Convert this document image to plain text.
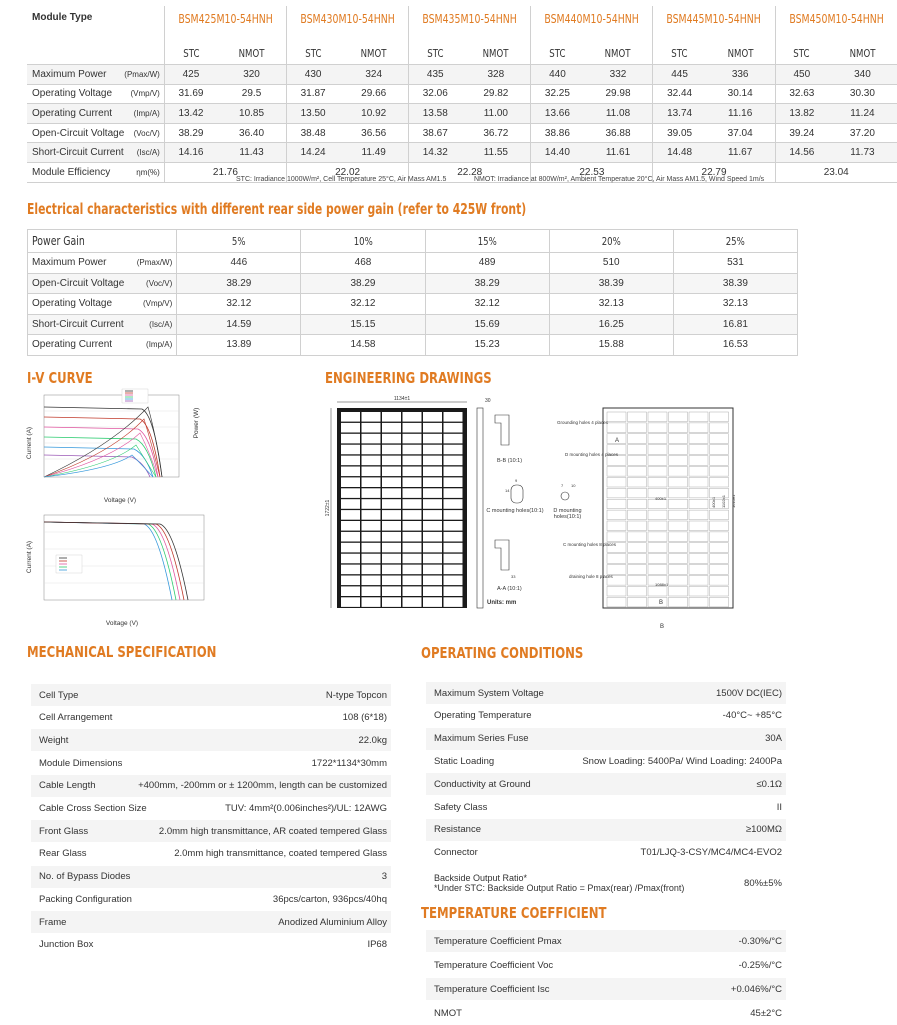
Module Type		BSM425M10-54HNH		BSM430M10-54HNH		BSM435M10-54HNH		BSM440M10-54HNH		BSM445M10-54HNH		BSM450M10-54HNH	
		STC	NMOT	STC	NMOT	STC	NMOT	STC	NMOT	STC	NMOT	STC	NMOT
Maximum Power	(Pmax/W)	425	320	430	324	435	328	440	332	445	336	450	340
Operating Voltage	(Vmp/V)	31.69	29.5	31.87	29.66	32.06	29.82	32.25	29.98	32.44	30.14	32.63	30.30
Operating Current	(Imp/A)	13.42	10.85	13.50	10.92	13.58	11.00	13.66	11.08	13.74	11.16	13.82	11.24
Open-Circuit Voltage	(Voc/V)	38.29	36.40	38.48	36.56	38.67	36.72	38.86	36.88	39.05	37.04	39.24	37.20
Short-Circuit Current	(Isc/A)	14.16	11.43	14.24	11.49	14.32	11.55	14.40	11.61	14.48	11.67	14.56	11.73
Module Efficiency	ηm(%)	21.76		22.02		22.28		22.53		22.79		23.04	
STC: Irradiance 1000W/m², Cell Temperature 25°C, Air Mass AM1.5	NMOT: Irradiance at 800W/m², Ambient Temperatue 20°C, Air Mass AM1.5, Wind Speed 1m/s
Electrical characteristics with different rear side power gain (refer to 425W front)
Power Gain		5%	10%	15%	20%	25%
Maximum Power	(Pmax/W)	446	468	489	510	531
Open-Circuit Voltage	(Voc/V)	38.29	38.29	38.29	38.39	38.39
Operating Voltage	(Vmp/V)	32.12	32.12	32.12	32.13	32.13
Short-Circuit Current	(Isc/A)	14.59	15.15	15.69	16.25	16.81
Operating Current	(Imp/A)	13.89	14.58	15.23	15.88	16.53
I-V CURVE
Current (A)
Power (W)
Voltage (V)
Current (A)
Voltage (V)
ENGINEERING DRAWINGS
1134±1
1722±1
30
B-B (10:1)
14
9
C mounting holes(10:1)
7 10
D mounting holes(10:1)
33
A-A (10:1)
Units: mm
1610±1
1102±1
400±1
400±1
1088±1
Grounding holes 4 places
D mounting holes 4 places
C mounting holes 8 places
draining hole 8 places
A
B
B
MECHANICAL SPECIFICATION
Cell Type	N-type Topcon
Cell Arrangement	108 (6*18)
Weight	22.0kg
Module Dimensions	1722*1134*30mm
Cable Length	+400mm, -200mm or ± 1200mm, length can be customized
Cable Cross Section Size	TUV: 4mm²(0.006inches²)/UL: 12AWG
Front Glass	2.0mm high transmittance, AR coated tempered Glass
Rear Glass	2.0mm high transmittance, coated tempered Glass
No. of Bypass Diodes	3
Packing Configuration	36pcs/carton, 936pcs/40hq
Frame	Anodized Aluminium Alloy
Junction Box	IP68
OPERATING CONDITIONS
Maximum System Voltage	1500V DC(IEC)
Operating Temperature	-40°C~ +85°C
Maximum Series Fuse	30A
Static Loading	Snow Loading: 5400Pa/ Wind Loading: 2400Pa
Conductivity at Ground	≤0.1Ω
Safety Class	II
Resistance	≥100MΩ
Connector	T01/LJQ-3-CSY/MC4/MC4-EVO2
Backside Output Ratio*
*Under STC: Backside Output Ratio = Pmax(rear) /Pmax(front)	80%±5%
TEMPERATURE COEFFICIENT
Temperature Coefficient Pmax	-0.30%/°C
Temperature Coefficient Voc	-0.25%/°C
Temperature Coefficient Isc	+0.046%/°C
NMOT	45±2°C
